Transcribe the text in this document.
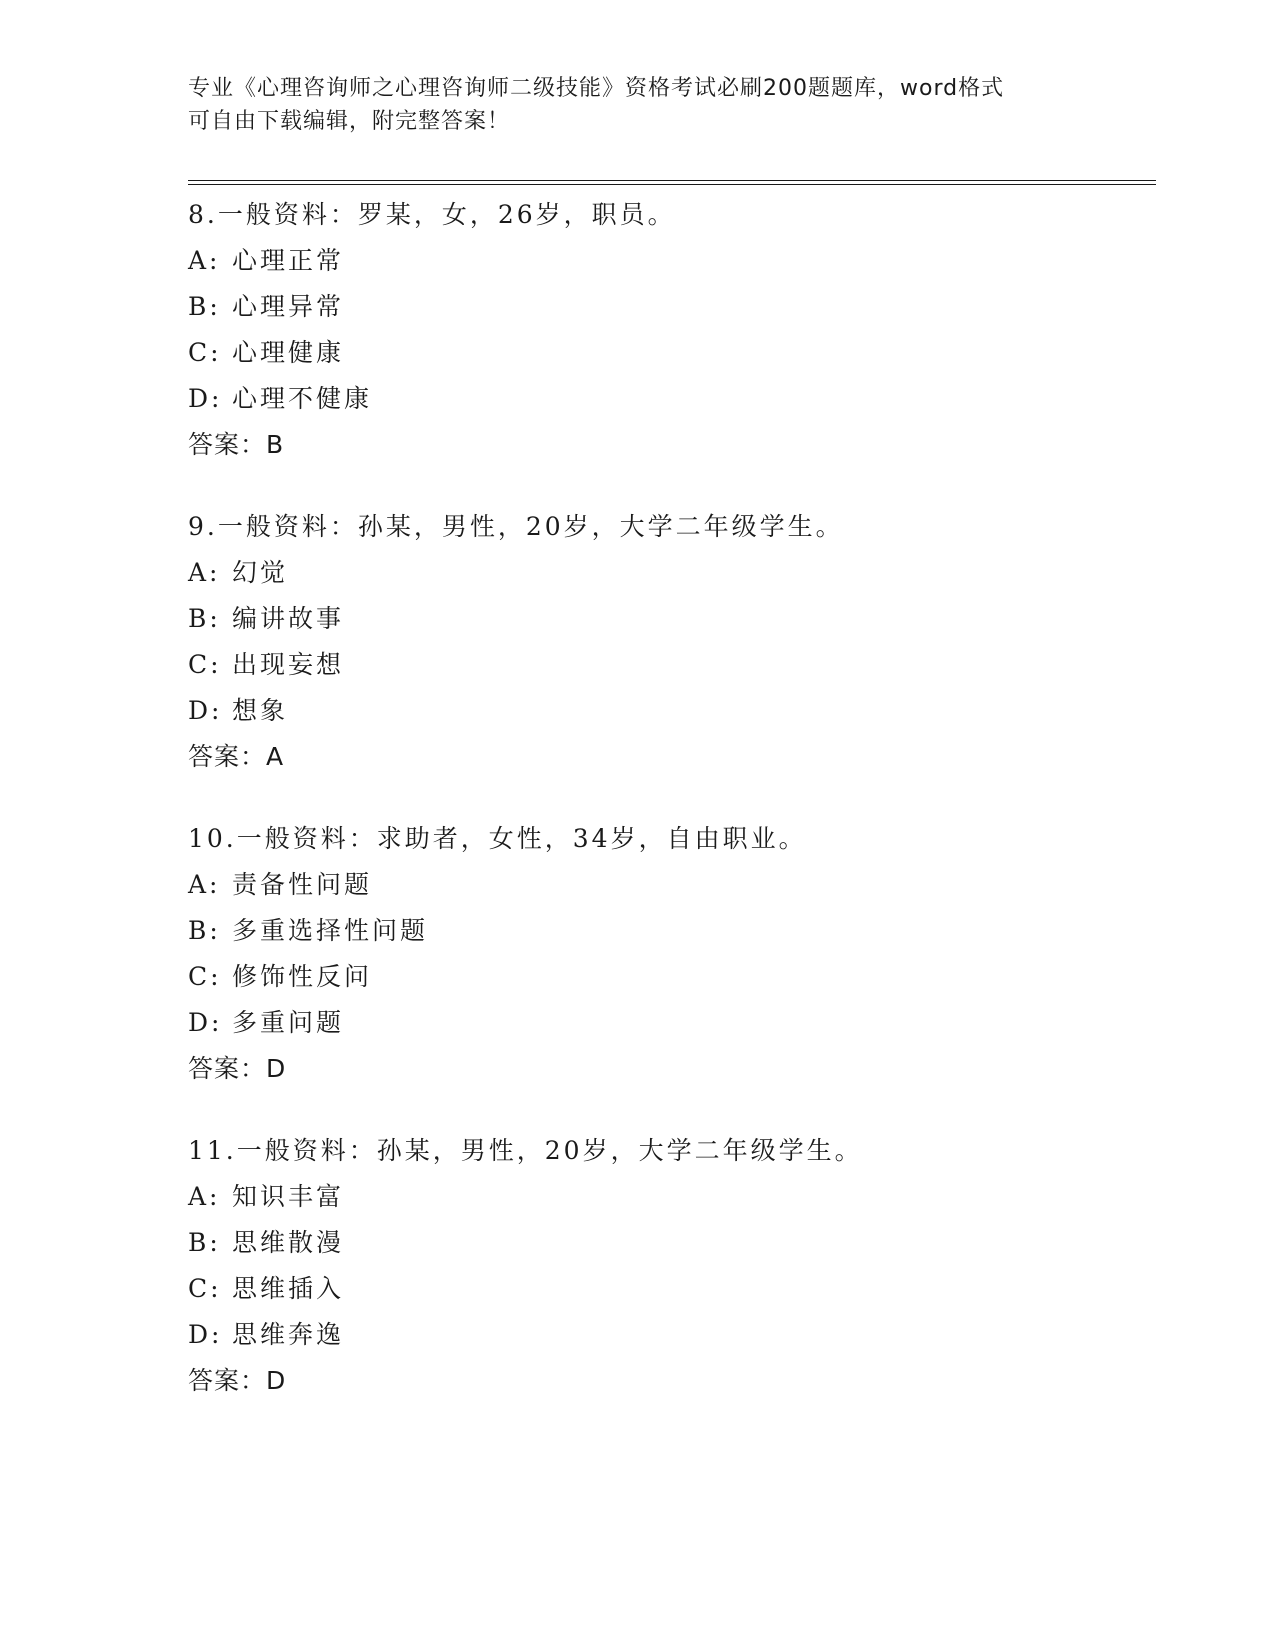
专业《心理咨询师之心理咨询师二级技能》资格考试必刷200题题库，word格式
可自由下载编辑，附完整答案！
8.一般资料：罗某，女，26岁，职员。
A: 心理正常
B: 心理异常
C: 心理健康
D: 心理不健康
答案：B
9.一般资料：孙某，男性，20岁，大学二年级学生。
A: 幻觉
B: 编讲故事
C: 出现妄想
D: 想象
答案：A
10.一般资料：求助者，女性，34岁，自由职业。
A: 责备性问题
B: 多重选择性问题
C: 修饰性反问
D: 多重问题
答案：D
11.一般资料：孙某，男性，20岁，大学二年级学生。
A: 知识丰富
B: 思维散漫
C: 思维插入
D: 思维奔逸
答案：D
